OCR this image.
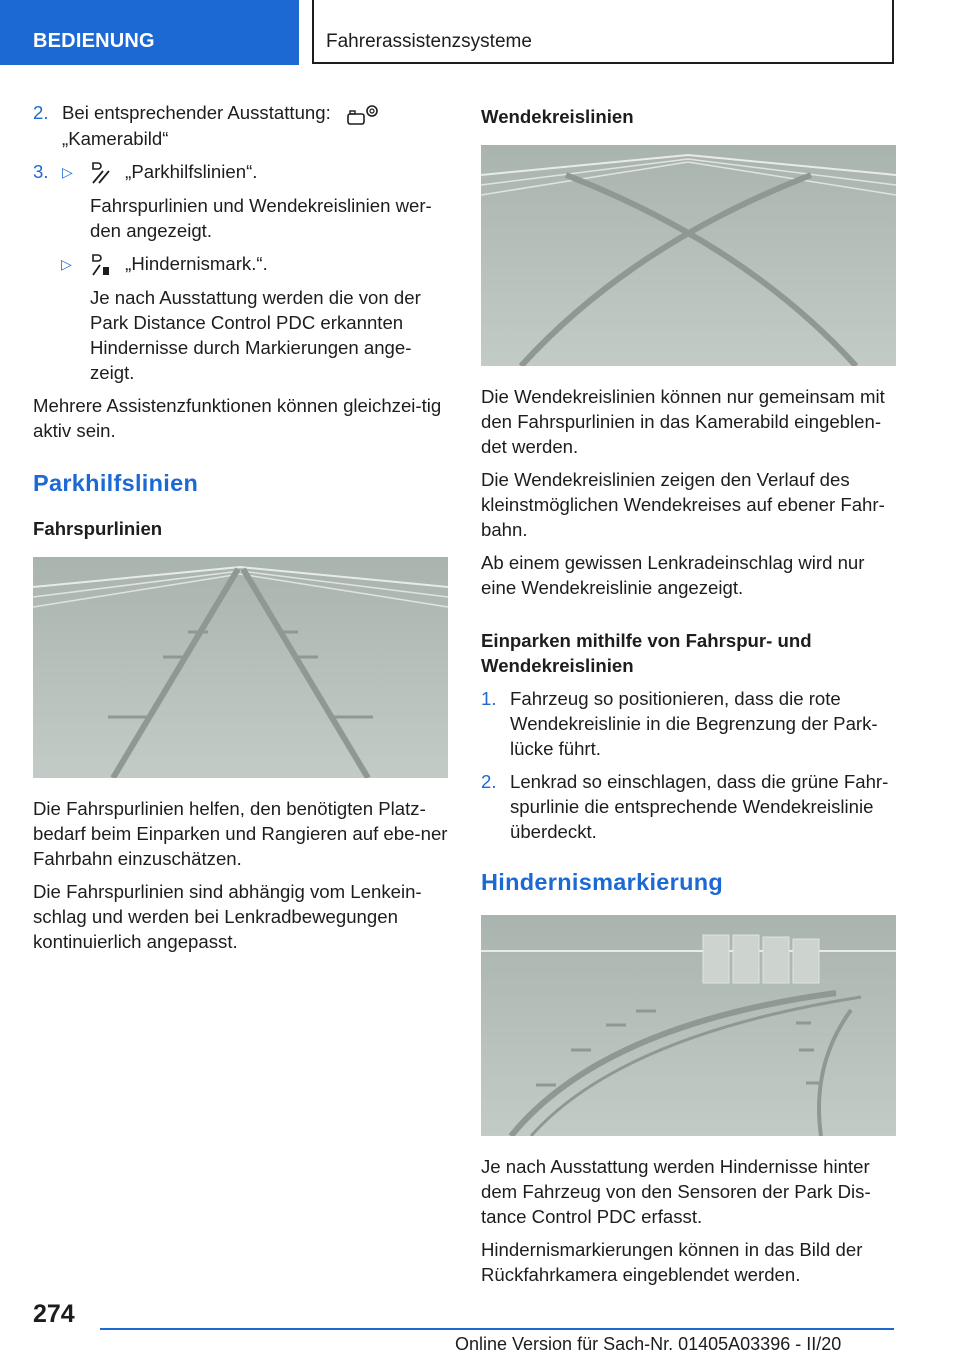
BEDIENUNG	Fahrerassistenzsysteme
2. Bei entsprechender Ausstattung:
„Kamerabild“
3. ▷	„Parkhilfslinien“.
Fahrspurlinien und Wendekreislinien wer-den angezeigt.
▷	„Hindernismark.“.
Je nach Ausstattung werden die von der Park Distance Control PDC erkannten Hindernisse durch Markierungen ange-zeigt.

Mehrere Assistenzfunktionen können gleichzei-tig aktiv sein.

Parkhilfslinien
Fahrspurlinien

Die Fahrspurlinien helfen, den benötigten Platz-bedarf beim Einparken und Rangieren auf ebe-ner Fahrbahn einzuschätzen.

Die Fahrspurlinien sind abhängig vom Lenkein-schlag und werden bei Lenkradbewegungen kontinuierlich angepasst.

Wendekreislinien

Die Wendekreislinien können nur gemeinsam mit den Fahrspurlinien in das Kamerabild eingeblen-det werden.

Die Wendekreislinien zeigen den Verlauf des kleinstmöglichen Wendekreises auf ebener Fahr-bahn.

Ab einem gewissen Lenkradeinschlag wird nur eine Wendekreislinie angezeigt.

Einparken mithilfe von Fahrspur- und Wendekreislinien
1. Fahrzeug so positionieren, dass die rote Wendekreislinie in die Begrenzung der Park-lücke führt.
2. Lenkrad so einschlagen, dass die grüne Fahr-spurlinie die entsprechende Wendekreislinie überdeckt.
Hindernismarkierung

Je nach Ausstattung werden Hindernisse hinter dem Fahrzeug von den Sensoren der Park Dis-tance Control PDC erfasst.

Hindernismarkierungen können in das Bild der Rückfahrkamera eingeblendet werden.

274
Online Version für Sach-Nr. 01405A03396 - II/20
